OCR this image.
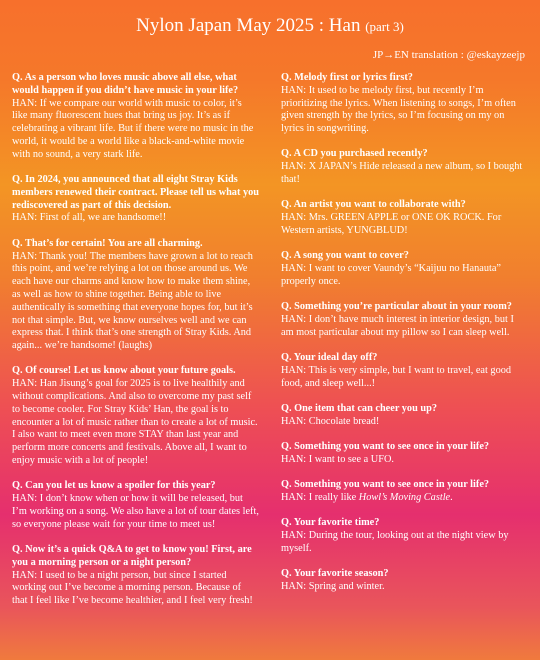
Nylon Japan May 2025 : Han (part 3)
JP→EN translation : @eskayzeejp
Q. As a person who loves music above all else, what would happen if you didn’t have music in your life?
HAN: If we compare our world with music to color, it’s like many fluorescent hues that bring us joy. It’s as if celebrating a vibrant life. But if there were no music in the world, it would be a world like a black-and-white movie with no sound, a very stark life.
Q. In 2024, you announced that all eight Stray Kids members renewed their contract. Please tell us what you rediscovered as part of this decision.
HAN: First of all, we are handsome!!
Q. That’s for certain! You are all charming.
HAN: Thank you! The members have grown a lot to reach this point, and we’re relying a lot on those around us. We each have our charms and know how to make them shine, as well as how to shine together. Being able to live authentically is something that everyone hopes for, but it’s not that simple. But, we know ourselves well and we can express that. I think that’s one strength of Stray Kids. And again... we’re handsome! (laughs)
Q. Of course! Let us know about your future goals.
HAN: Han Jisung’s goal for 2025 is to live healthily and without complications. And also to overcome my past self to become cooler. For Stray Kids’ Han, the goal is to encounter a lot of music rather than to create a lot of music. I also want to meet even more STAY than last year and perform more concerts and festivals. Above all, I want to enjoy music with a lot of people!
Q. Can you let us know a spoiler for this year?
HAN: I don’t know when or how it will be released, but I’m working on a song. We also have a lot of tour dates left, so everyone please wait for your time to meet us!
Q. Now it’s a quick Q&A to get to know you! First, are you a morning person or a night person?
HAN: I used to be a night person, but since I started working out I’ve become a morning person. Because of that I feel like I’ve become healthier, and I feel very fresh!
Q. Melody first or lyrics first?
HAN: It used to be melody first, but recently I’m prioritizing the lyrics. When listening to songs, I’m often given strength by the lyrics, so I’m focusing on my on lyrics in songwriting.
Q. A CD you purchased recently?
HAN: X JAPAN’s Hide released a new album, so I bought that!
Q. An artist you want to collaborate with?
HAN: Mrs. GREEN APPLE or ONE OK ROCK. For Western artists, YUNGBLUD!
Q. A song you want to cover?
HAN: I want to cover Vaundy’s “Kaijuu no Hanauta” properly once.
Q. Something you’re particular about in your room?
HAN: I don’t have much interest in interior design, but I am most particular about my pillow so I can sleep well.
Q. Your ideal day off?
HAN: This is very simple, but I want to travel, eat good food, and sleep well...!
Q. One item that can cheer you up?
HAN: Chocolate bread!
Q. Something you want to see once in your life?
HAN: I want to see a UFO.
Q. Something you want to see once in your life?
HAN: I really like Howl’s Moving Castle.
Q. Your favorite time?
HAN: During the tour, looking out at the night view by myself.
Q. Your favorite season?
HAN: Spring and winter.
